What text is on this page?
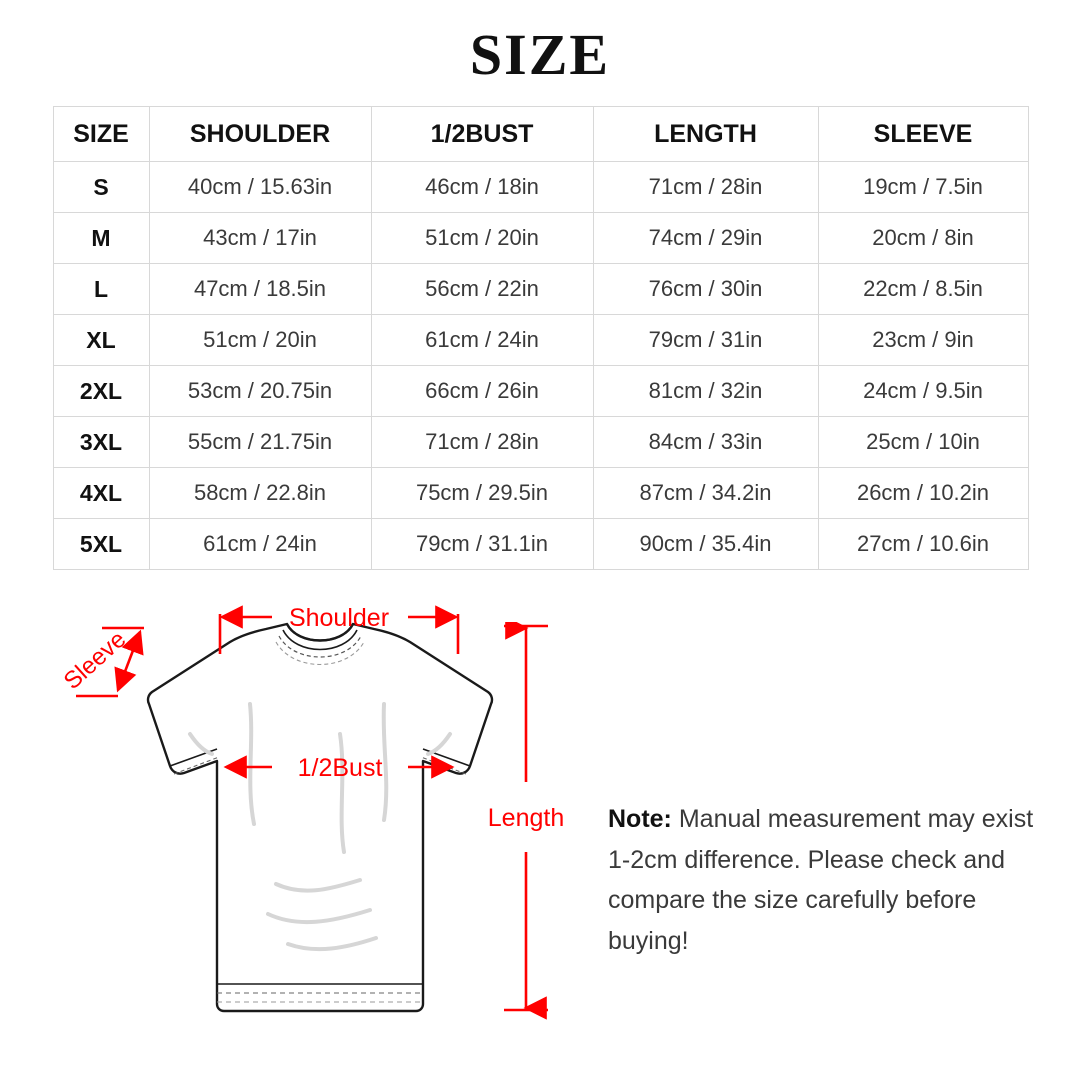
SIZE
SIZE	SHOULDER	1/2BUST	LENGTH	SLEEVE
S	40cm / 15.63in	46cm / 18in	71cm / 28in	19cm / 7.5in
M	43cm / 17in	51cm / 20in	74cm / 29in	20cm / 8in
L	47cm / 18.5in	56cm / 22in	76cm / 30in	22cm / 8.5in
XL	51cm / 20in	61cm / 24in	79cm / 31in	23cm / 9in
2XL	53cm / 20.75in	66cm / 26in	81cm / 32in	24cm / 9.5in
3XL	55cm / 21.75in	71cm / 28in	84cm / 33in	25cm / 10in
4XL	58cm / 22.8in	75cm / 29.5in	87cm / 34.2in	26cm / 10.2in
5XL	61cm / 24in	79cm / 31.1in	90cm / 35.4in	27cm / 10.6in
Shoulder
Sleeve
1/2Bust
Length Note: Manual measurement may exist 1-2cm difference. Please check and compare the size carefully before buying!
